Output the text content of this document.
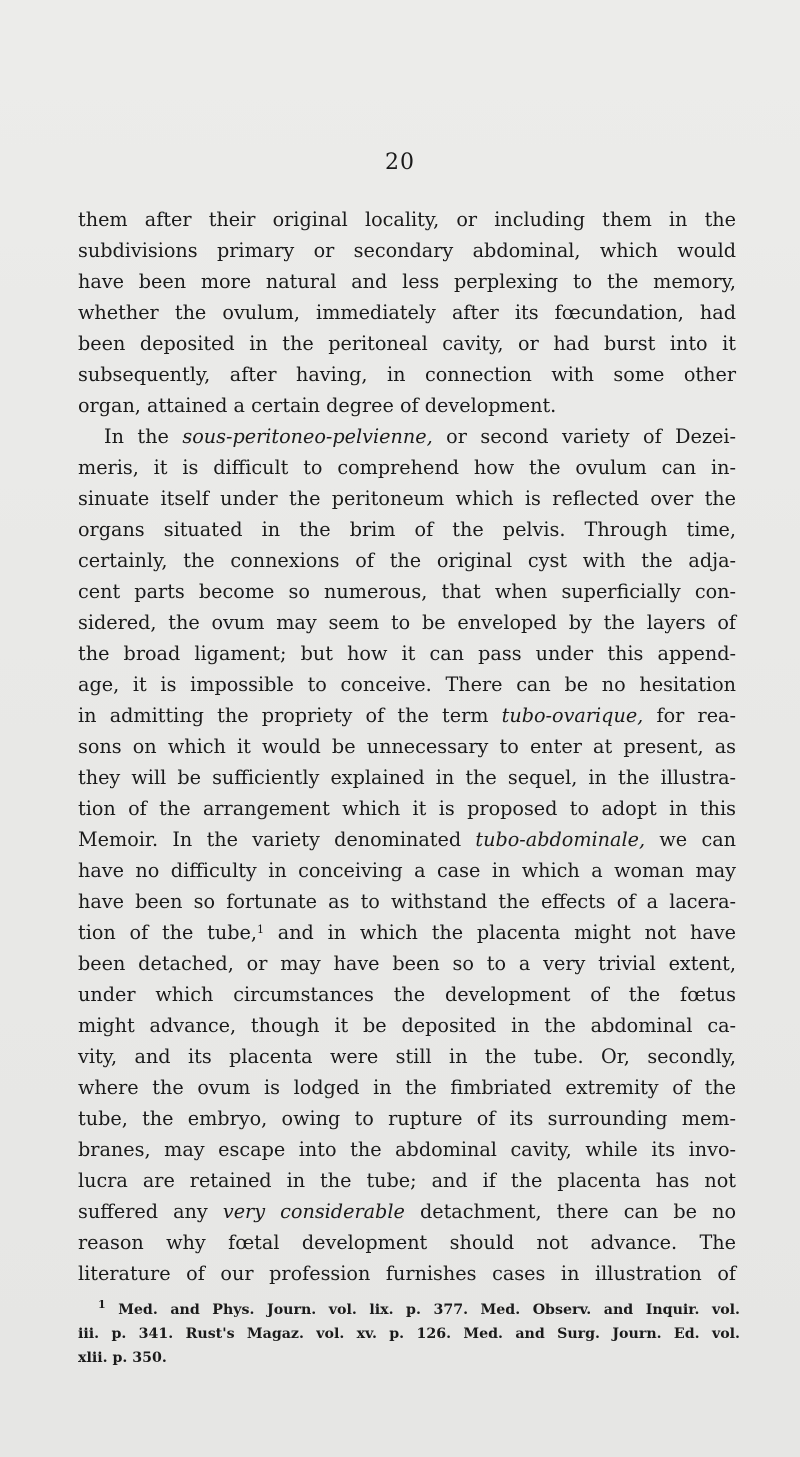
20
them after their original locality, or including them in the
subdivisions primary or secondary abdominal, which would
have been more natural and less perplexing to the memory,
whether the ovulum, immediately after its fœcundation, had
been deposited in the peritoneal cavity, or had burst into it
subsequently, after having, in connection with some other
organ, attained a certain degree of development.
In the sous-peritoneo-pelvienne, or second variety of Dezei-
meris, it is difficult to comprehend how the ovulum can in-
sinuate itself under the peritoneum which is reflected over the
organs situated in the brim of the pelvis. Through time,
certainly, the connexions of the original cyst with the adja-
cent parts become so numerous, that when superficially con-
sidered, the ovum may seem to be enveloped by the layers of
the broad ligament; but how it can pass under this append-
age, it is impossible to conceive. There can be no hesitation
in admitting the propriety of the term tubo-ovarique, for rea-
sons on which it would be unnecessary to enter at present, as
they will be sufficiently explained in the sequel, in the illustra-
tion of the arrangement which it is proposed to adopt in this
Memoir. In the variety denominated tubo-abdominale, we can
have no difficulty in conceiving a case in which a woman may
have been so fortunate as to withstand the effects of a lacera-
tion of the tube,$^1$ and in which the placenta might not have
been detached, or may have been so to a very trivial extent,
under which circumstances the development of the fœtus
might advance, though it be deposited in the abdominal ca-
vity, and its placenta were still in the tube. Or, secondly,
where the ovum is lodged in the fimbriated extremity of the
tube, the embryo, owing to rupture of its surrounding mem-
branes, may escape into the abdominal cavity, while its invo-
lucra are retained in the tube; and if the placenta has not
suffered any very considerable detachment, there can be no
reason why fœtal development should not advance. The
literature of our profession furnishes cases in illustration of
$^1$ Med. and Phys. Journ. vol. lix. p. 377. Med. Observ. and Inquir. vol.
iii. p. 341. Rust's Magaz. vol. xv. p. 126. Med. and Surg. Journ. Ed. vol.
xlii. p. 350.
